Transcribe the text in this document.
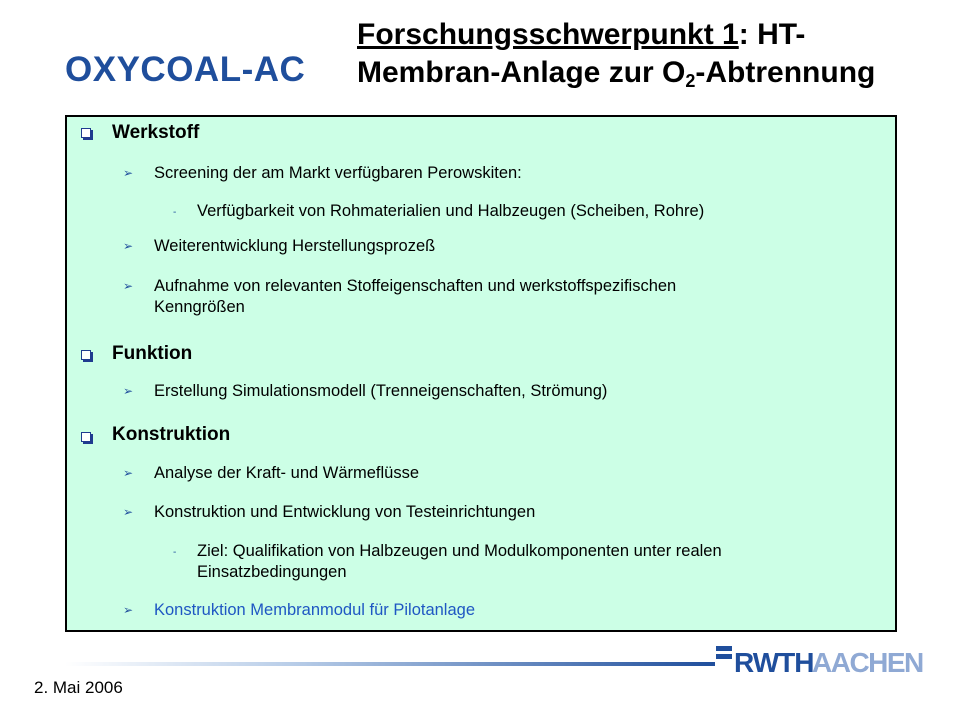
OXYCOAL-AC
Forschungsschwerpunkt 1: HT-
Membran-Anlage zur $O_2$-Abtrennung
Werkstoff
➢ Screening der am Markt verfügbaren Perowskiten:
- Verfügbarkeit von Rohmaterialien und Halbzeugen (Scheiben, Rohre)
➢ Weiterentwicklung Herstellungsprozeß
➢ Aufnahme von relevanten Stoffeigenschaften und werkstoffspezifischen
Kenngrößen
Funktion
➢ Erstellung Simulationsmodell (Trenneigenschaften, Strömung)
Konstruktion
➢ Analyse der Kraft- und Wärmeflüsse
➢ Konstruktion und Entwicklung von Testeinrichtungen
- Ziel: Qualifikation von Halbzeugen und Modulkomponenten unter realen
Einsatzbedingungen
➢ Konstruktion Membranmodul für Pilotanlage
RWTH
AACHEN
2. Mai 2006
